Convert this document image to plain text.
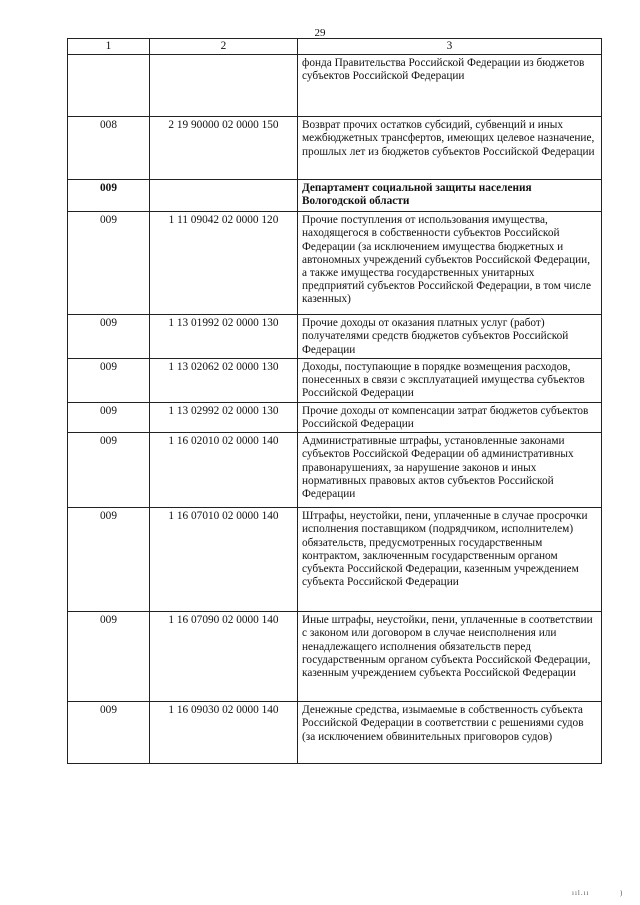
29
1	2	3
		фонда Правительства Российской Федерации из бюджетов субъектов Российской Федерации
008	2 19 90000 02 0000 150	Возврат прочих остатков субсидий, субвенций и иных межбюджетных трансфертов, имеющих целевое назначение, прошлых лет из бюджетов субъектов Российской Федерации
009		Департамент социальной защиты населения Вологодской области
009	1 11 09042 02 0000 120	Прочие поступления от использования имущества, находящегося в собственности субъектов Российской Федерации (за исключением имущества бюджетных и автономных учреждений субъектов Российской Федерации, а также имущества государственных унитарных предприятий субъектов Российской Федерации, в том числе казенных)
009	1 13 01992 02 0000 130	Прочие доходы от оказания платных услуг (работ) получателями средств бюджетов субъектов Российской Федерации
009	1 13 02062 02 0000 130	Доходы, поступающие в порядке возмещения расходов, понесенных в связи с эксплуатацией имущества субъектов Российской Федерации
009	1 13 02992 02 0000 130	Прочие доходы от компенсации затрат бюджетов субъектов Российской Федерации
009	1 16 02010 02 0000 140	Административные штрафы, установленные законами субъектов Российской Федерации об административных правонарушениях, за нарушение законов и иных нормативных правовых актов субъектов Российской Федерации
009	1 16 07010 02 0000 140	Штрафы, неустойки, пени, уплаченные в случае просрочки исполнения поставщиком (подрядчиком, исполнителем) обязательств, предусмотренных государственным контрактом, заключенным государственным органом субъекта Российской Федерации, казенным учреждением субъекта Российской Федерации
009	1 16 07090 02 0000 140	Иные штрафы, неустойки, пени, уплаченные в соответствии с законом или договором в случае неисполнения или ненадлежащего исполнения обязательств перед государственным органом субъекта Российской Федерации, казенным учреждением субъекта Российской Федерации
009	1 16 09030 02 0000 140	Денежные средства, изымаемые в собственность субъекта Российской Федерации в соответствии с решениями судов (за исключением обвинительных приговоров судов)
ııl.ıı	)
